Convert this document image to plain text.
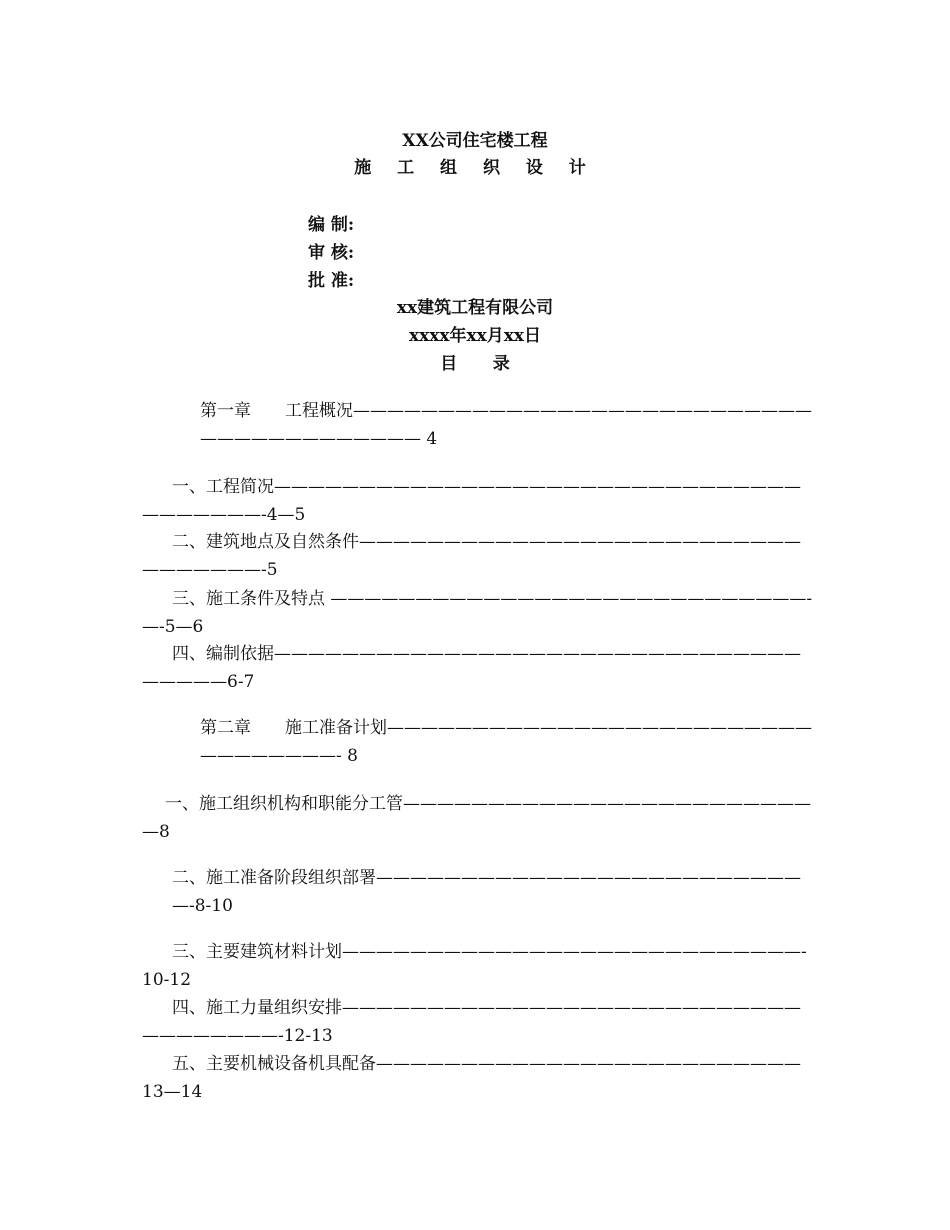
XX公司住宅楼工程
施 工 组 织 设 计
编 制:
审 核:
批 准:
xx建筑工程有限公司
xxxx年xx月xx日
目      录
第一章　　工程概况———————————————————————————
————————————— 4
一、工程简况———————————————————————————————
———————-4—5
二、建筑地点及自然条件——————————————————————————
———————-5
三、施工条件及特点 ————————————————————————————-
—-5—6
四、编制依据———————————————————————————————
—————6-7
第二章　　施工准备计划—————————————————————————
————————- 8
一、施工组织机构和职能分工管————————————————————————
—8
二、施工准备阶段组织部署—————————————————————————
—-8-10
三、主要建筑材料计划———————————————————————————-
10-12
四、施工力量组织安排———————————————————————————
————————-12-13
五、主要机械设备机具配备—————————————————————————
13—14
